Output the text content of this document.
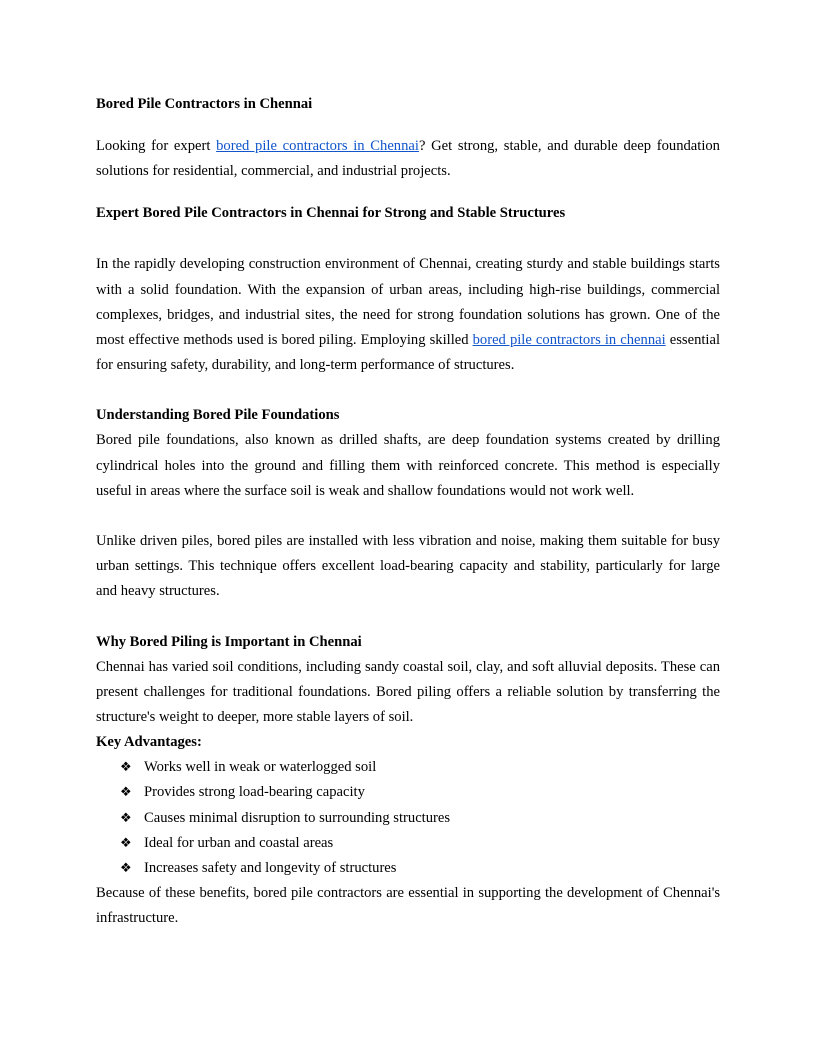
Bored Pile Contractors in Chennai

Looking for expert bored pile contractors in Chennai? Get strong, stable, and durable deep foundation solutions for residential, commercial, and industrial projects.

Expert Bored Pile Contractors in Chennai for Strong and Stable Structures

In the rapidly developing construction environment of Chennai, creating sturdy and stable buildings starts with a solid foundation. With the expansion of urban areas, including high-rise buildings, commercial complexes, bridges, and industrial sites, the need for strong foundation solutions has grown. One of the most effective methods used is bored piling. Employing skilled bored pile contractors in chennai essential for ensuring safety, durability, and long-term performance of structures.

Understanding Bored Pile Foundations

Bored pile foundations, also known as drilled shafts, are deep foundation systems created by drilling cylindrical holes into the ground and filling them with reinforced concrete. This method is especially useful in areas where the surface soil is weak and shallow foundations would not work well.

Unlike driven piles, bored piles are installed with less vibration and noise, making them suitable for busy urban settings. This technique offers excellent load-bearing capacity and stability, particularly for large and heavy structures.

Why Bored Piling is Important in Chennai

Chennai has varied soil conditions, including sandy coastal soil, clay, and soft alluvial deposits. These can present challenges for traditional foundations. Bored piling offers a reliable solution by transferring the structure's weight to deeper, more stable layers of soil.

Key Advantages:

❖ Works well in weak or waterlogged soil
❖ Provides strong load-bearing capacity
❖ Causes minimal disruption to surrounding structures
❖ Ideal for urban and coastal areas
❖ Increases safety and longevity of structures

Because of these benefits, bored pile contractors are essential in supporting the development of Chennai's infrastructure.
